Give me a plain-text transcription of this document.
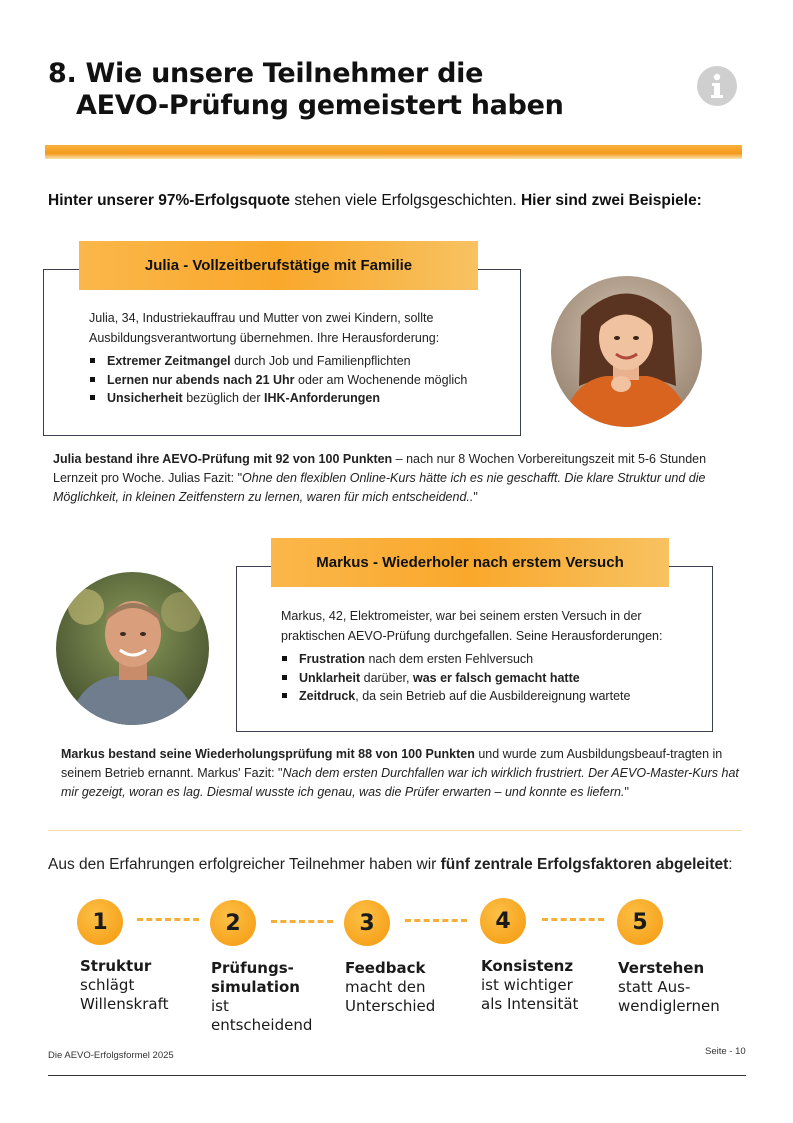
8. Wie unsere Teilnehmer die
AEVO-Prüfung gemeistert haben
Hinter unserer 97%-Erfolgsquote stehen viele Erfolgsgeschichten. Hier sind zwei Beispiele:
Julia, 34, Industriekauffrau und Mutter von zwei Kindern, sollte Ausbildungsverantwortung übernehmen. Ihre Herausforderung:
Extremer Zeitmangel durch Job und Familienpflichten
Lernen nur abends nach 21 Uhr oder am Wochenende möglich
Unsicherheit bezüglich der IHK-Anforderungen
Julia - Vollzeitberufstätige mit Familie
Julia bestand ihre AEVO-Prüfung mit 92 von 100 Punkten – nach nur 8 Wochen Vorbereitungszeit mit 5-6 Stunden Lernzeit pro Woche. Julias Fazit: "Ohne den flexiblen Online-Kurs hätte ich es nie geschafft. Die klare Struktur und die Möglichkeit, in kleinen Zeitfenstern zu lernen, waren für mich entscheidend.."
Markus, 42, Elektromeister, war bei seinem ersten Versuch in der praktischen AEVO-Prüfung durchgefallen. Seine Herausforderungen:
Frustration nach dem ersten Fehlversuch
Unklarheit darüber, was er falsch gemacht hatte
Zeitdruck, da sein Betrieb auf die Ausbildereignung wartete
Markus - Wiederholer nach erstem Versuch
Markus bestand seine Wiederholungsprüfung mit 88 von 100 Punkten und wurde zum Ausbildungsbeauf-tragten in seinem Betrieb ernannt. Markus' Fazit: "Nach dem ersten Durchfallen war ich wirklich frustriert. Der AEVO-Master-Kurs hat mir gezeigt, woran es lag. Diesmal wusste ich genau, was die Prüfer erwarten – und konnte es liefern."
Aus den Erfahrungen erfolgreicher Teilnehmer haben wir fünf zentrale Erfolgsfaktoren abgeleitet:
1	2	3	4	5
Struktur
schlägt Willenskraft
Prüfungs-simulation ist entscheidend
Feedback
macht den Unterschied
Konsistenz
ist wichtiger als Intensität
Verstehen
statt Aus-wendiglernen
Die AEVO-Erfolgsformel 2025	Seite - 10
